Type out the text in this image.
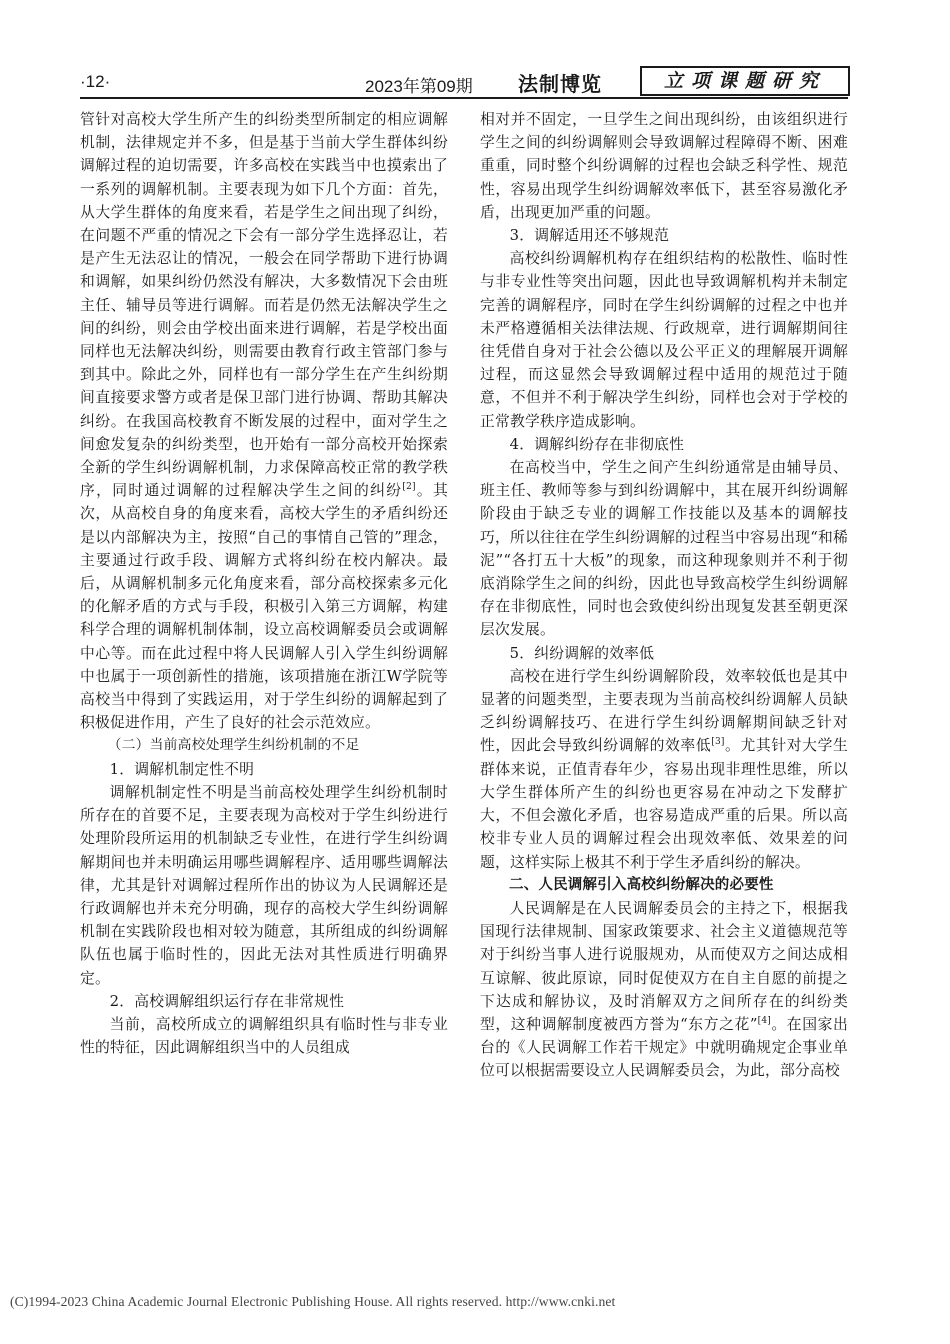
·12·	2023年第09期 法制博览	立项课题研究

管针对高校大学生所产生的纠纷类型所制定的相应调解机制，法律规定并不多，但是基于当前大学生群体纠纷调解过程的迫切需要，许多高校在实践当中也摸索出了一系列的调解机制。主要表现为如下几个方面：首先，从大学生群体的角度来看，若是学生之间出现了纠纷，在问题不严重的情况之下会有一部分学生选择忍让，若是产生无法忍让的情况，一般会在同学帮助下进行协调和调解，如果纠纷仍然没有解决，大多数情况下会由班主任、辅导员等进行调解。而若是仍然无法解决学生之间的纠纷，则会由学校出面来进行调解，若是学校出面同样也无法解决纠纷，则需要由教育行政主管部门参与到其中。除此之外，同样也有一部分学生在产生纠纷期间直接要求警方或者是保卫部门进行协调、帮助其解决纠纷。在我国高校教育不断发展的过程中，面对学生之间愈发复杂的纠纷类型，也开始有一部分高校开始探索全新的学生纠纷调解机制，力求保障高校正常的教学秩序，同时通过调解的过程解决学生之间的纠纷[2]。其次，从高校自身的角度来看，高校大学生的矛盾纠纷还是以内部解决为主，按照“自己的事情自己管的”理念，主要通过行政手段、调解方式将纠纷在校内解决。最后，从调解机制多元化角度来看，部分高校探索多元化的化解矛盾的方式与手段，积极引入第三方调解，构建科学合理的调解机制体制，设立高校调解委员会或调解中心等。而在此过程中将人民调解人引入学生纠纷调解中也属于一项创新性的措施，该项措施在浙江W学院等高校当中得到了实践运用，对于学生纠纷的调解起到了积极促进作用，产生了良好的社会示范效应。

（二）当前高校处理学生纠纷机制的不足

1．调解机制定性不明

调解机制定性不明是当前高校处理学生纠纷机制时所存在的首要不足，主要表现为高校对于学生纠纷进行处理阶段所运用的机制缺乏专业性，在进行学生纠纷调解期间也并未明确运用哪些调解程序、适用哪些调解法律，尤其是针对调解过程所作出的协议为人民调解还是行政调解也并未充分明确，现存的高校大学生纠纷调解机制在实践阶段也相对较为随意，其所组成的纠纷调解队伍也属于临时性的，因此无法对其性质进行明确界定。

2．高校调解组织运行存在非常规性

当前，高校所成立的调解组织具有临时性与非专业性的特征，因此调解组织当中的人员组成

相对并不固定，一旦学生之间出现纠纷，由该组织进行学生之间的纠纷调解则会导致调解过程障碍不断、困难重重，同时整个纠纷调解的过程也会缺乏科学性、规范性，容易出现学生纠纷调解效率低下，甚至容易激化矛盾，出现更加严重的问题。

3．调解适用还不够规范

高校纠纷调解机构存在组织结构的松散性、临时性与非专业性等突出问题，因此也导致调解机构并未制定完善的调解程序，同时在学生纠纷调解的过程之中也并未严格遵循相关法律法规、行政规章，进行调解期间往往凭借自身对于社会公德以及公平正义的理解展开调解过程，而这显然会导致调解过程中适用的规范过于随意，不但并不利于解决学生纠纷，同样也会对于学校的正常教学秩序造成影响。

4．调解纠纷存在非彻底性

在高校当中，学生之间产生纠纷通常是由辅导员、班主任、教师等参与到纠纷调解中，其在展开纠纷调解阶段由于缺乏专业的调解工作技能以及基本的调解技巧，所以往往在学生纠纷调解的过程当中容易出现“和稀泥”“各打五十大板”的现象，而这种现象则并不利于彻底消除学生之间的纠纷，因此也导致高校学生纠纷调解存在非彻底性，同时也会致使纠纷出现复发甚至朝更深层次发展。

5．纠纷调解的效率低

高校在进行学生纠纷调解阶段，效率较低也是其中显著的问题类型，主要表现为当前高校纠纷调解人员缺乏纠纷调解技巧、在进行学生纠纷调解期间缺乏针对性，因此会导致纠纷调解的效率低[3]。尤其针对大学生群体来说，正值青春年少，容易出现非理性思维，所以大学生群体所产生的纠纷也更容易在冲动之下发酵扩大，不但会激化矛盾，也容易造成严重的后果。所以高校非专业人员的调解过程会出现效率低、效果差的问题，这样实际上极其不利于学生矛盾纠纷的解决。

二、人民调解引入高校纠纷解决的必要性

人民调解是在人民调解委员会的主持之下，根据我国现行法律规制、国家政策要求、社会主义道德规范等对于纠纷当事人进行说服规劝，从而使双方之间达成相互谅解、彼此原谅，同时促使双方在自主自愿的前提之下达成和解协议，及时消解双方之间所存在的纠纷类型，这种调解制度被西方誉为“东方之花”[4]。在国家出台的《人民调解工作若干规定》中就明确规定企事业单位可以根据需要设立人民调解委员会，为此，部分高校

(C)1994-2023 China Academic Journal Electronic Publishing House. All rights reserved. http://www.cnki.net
